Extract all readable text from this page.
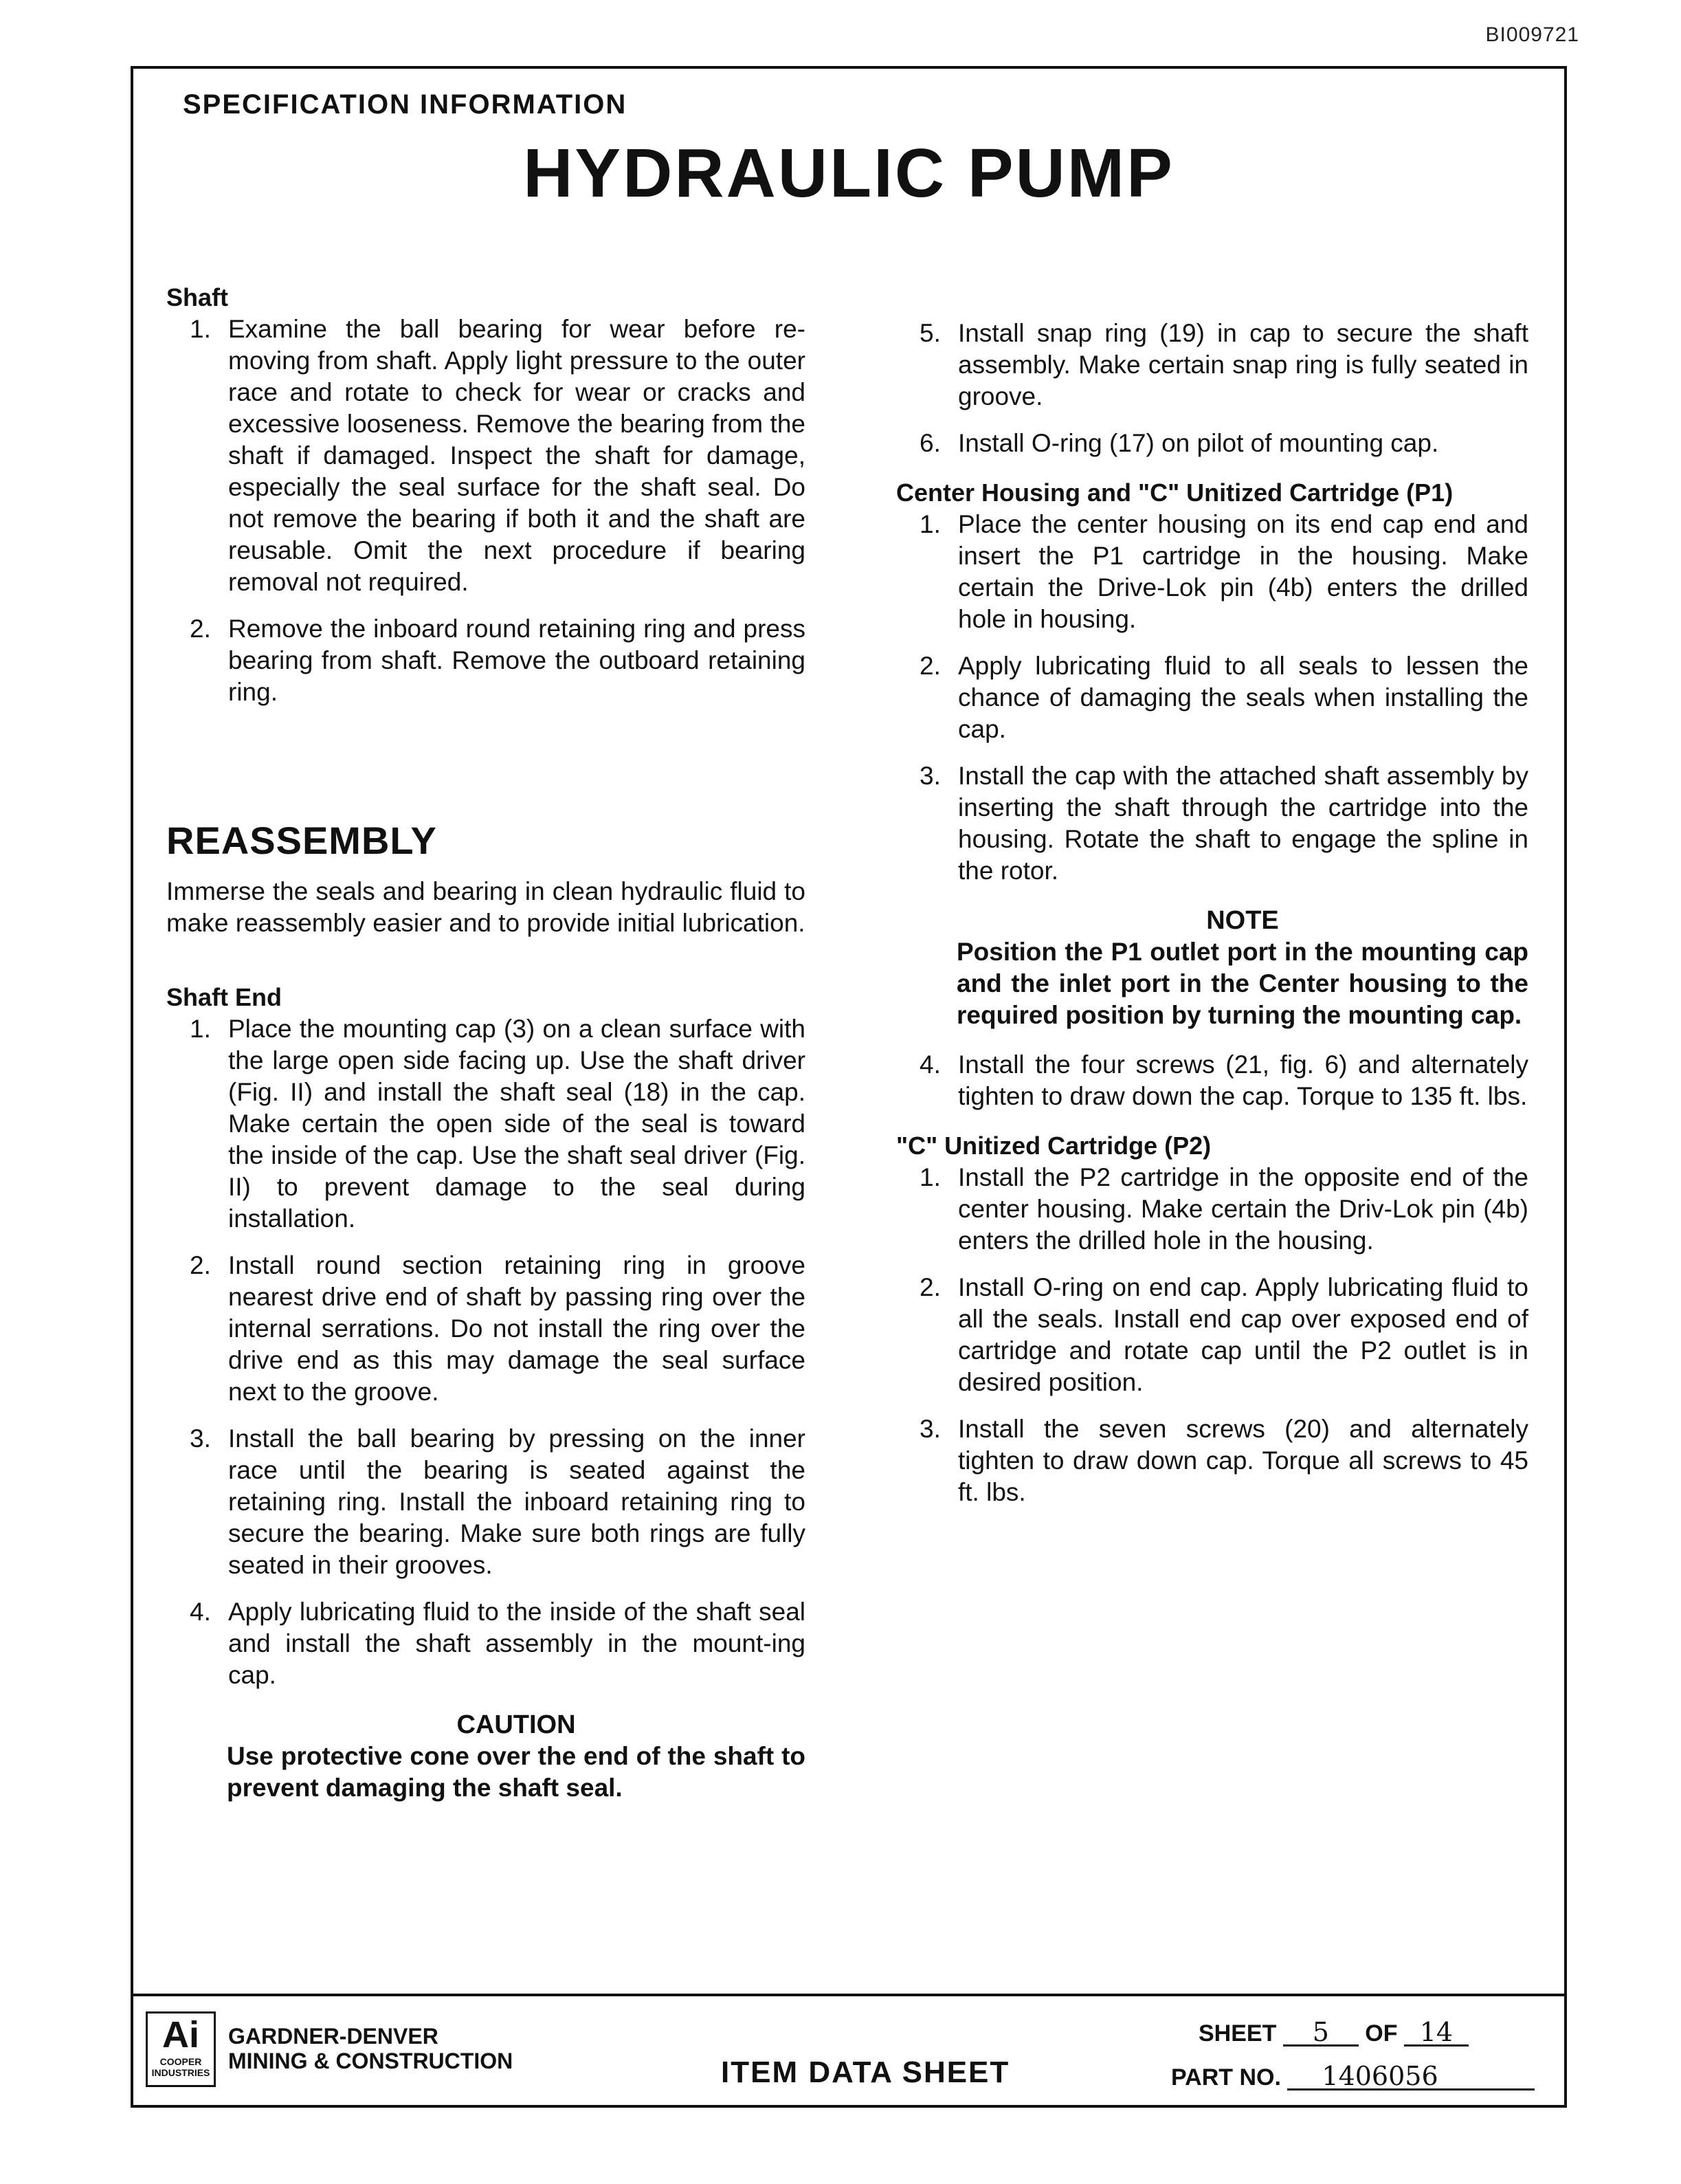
BI009721
SPECIFICATION INFORMATION
HYDRAULIC PUMP

Shaft

1. Examine the ball bearing for wear before re-moving from shaft. Apply light pressure to the outer race and rotate to check for wear or cracks and excessive looseness. Remove the bearing from the shaft if damaged. Inspect the shaft for damage, especially the seal surface for the shaft seal. Do not remove the bearing if both it and the shaft are reusable. Omit the next procedure if bearing removal not required.
2. Remove the inboard round retaining ring and press bearing from shaft. Remove the outboard retaining ring.
REASSEMBLY

Immerse the seals and bearing in clean hydraulic fluid to make reassembly easier and to provide initial lubrication.

Shaft End

1. Place the mounting cap (3) on a clean surface with the large open side facing up. Use the shaft driver (Fig. II) and install the shaft seal (18) in the cap. Make certain the open side of the seal is toward the inside of the cap. Use the shaft seal driver (Fig. II) to prevent damage to the seal during installation.
2. Install round section retaining ring in groove nearest drive end of shaft by passing ring over the internal serrations. Do not install the ring over the drive end as this may damage the seal surface next to the groove.
3. Install the ball bearing by pressing on the inner race until the bearing is seated against the retaining ring. Install the inboard retaining ring to secure the bearing. Make sure both rings are fully seated in their grooves.
4. Apply lubricating fluid to the inside of the shaft seal and install the shaft assembly in the mount-ing cap.
CAUTION
Use protective cone over the end of the shaft to prevent damaging the shaft seal.
5. Install snap ring (19) in cap to secure the shaft assembly. Make certain snap ring is fully seated in groove.
6. Install O-ring (17) on pilot of mounting cap.

Center Housing and "C" Unitized Cartridge (P1)

1. Place the center housing on its end cap end and insert the P1 cartridge in the housing. Make certain the Drive-Lok pin (4b) enters the drilled hole in housing.
2. Apply lubricating fluid to all seals to lessen the chance of damaging the seals when installing the cap.
3. Install the cap with the attached shaft assembly by inserting the shaft through the cartridge into the housing. Rotate the shaft to engage the spline in the rotor.
NOTE
Position the P1 outlet port in the mounting cap and the inlet port in the Center housing to the required position by turning the mounting cap.
4. Install the four screws (21, fig. 6) and alternately tighten to draw down the cap. Torque to 135 ft. lbs.

"C" Unitized Cartridge (P2)

1. Install the P2 cartridge in the opposite end of the center housing. Make certain the Driv-Lok pin (4b) enters the drilled hole in the housing.
2. Install O-ring on end cap. Apply lubricating fluid to all the seals. Install end cap over exposed end of cartridge and rotate cap until the P2 outlet is in desired position.
3. Install the seven screws (20) and alternately tighten to draw down cap. Torque all screws to 45 ft. lbs.
Ai
COOPER
INDUSTRIES
GARDNER-DENVER
MINING & CONSTRUCTION	ITEM DATA SHEET
SHEET 5 OF 14
PART NO. 1406056
